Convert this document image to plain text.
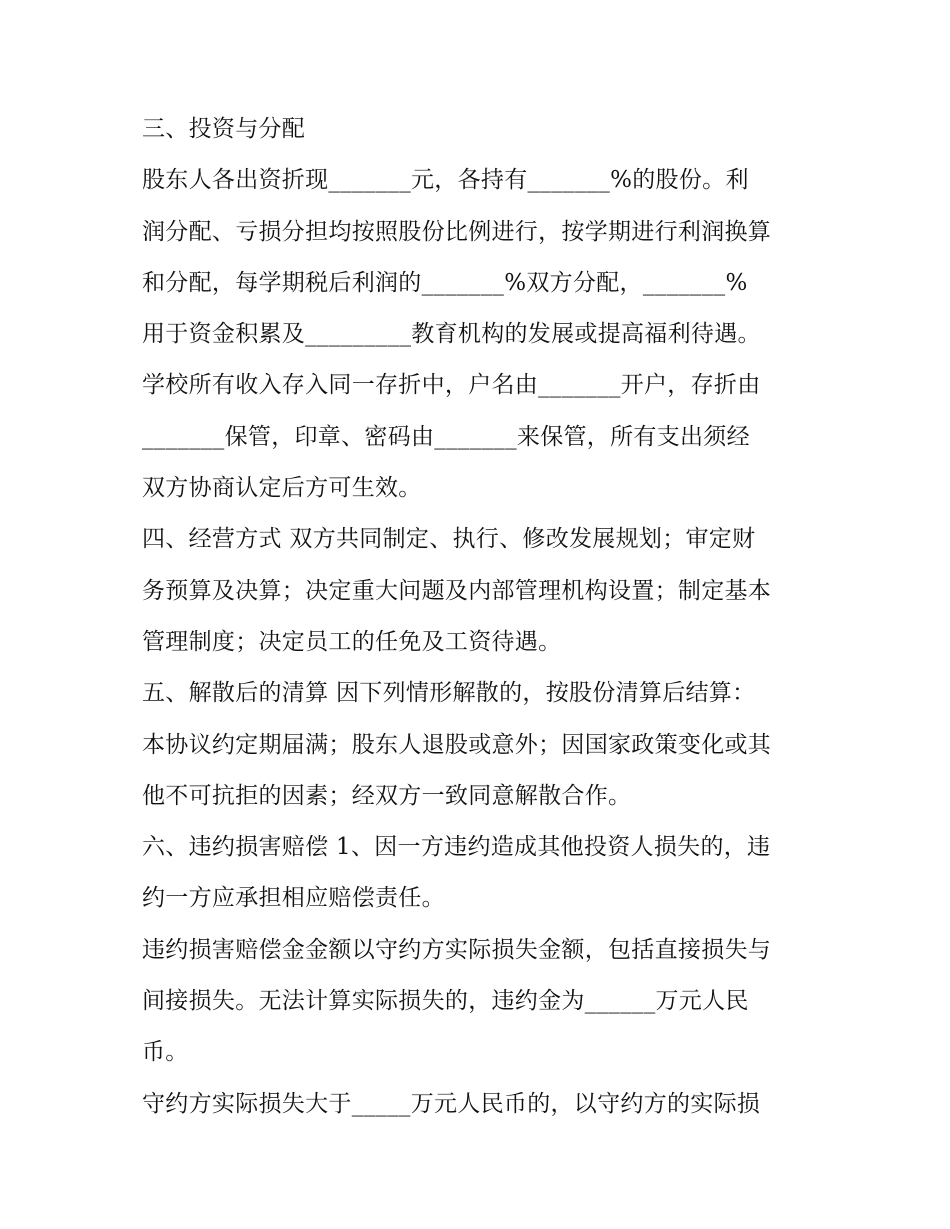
三、投资与分配
股东人各出资折现_______元，各持有_______%的股份。利
润分配、亏损分担均按照股份比例进行，按学期进行利润换算
和分配，每学期税后利润的_______%双方分配，_______%
用于资金积累及_________教育机构的发展或提高福利待遇。
学校所有收入存入同一存折中，户名由_______开户，存折由
_______保管，印章、密码由_______来保管，所有支出须经
双方协商认定后方可生效。
四、经营方式 双方共同制定、执行、修改发展规划；审定财
务预算及决算；决定重大问题及内部管理机构设置；制定基本
管理制度；决定员工的任免及工资待遇。
五、解散后的清算 因下列情形解散的，按股份清算后结算：
本协议约定期届满；股东人退股或意外；因国家政策变化或其
他不可抗拒的因素；经双方一致同意解散合作。
六、违约损害赔偿 1、因一方违约造成其他投资人损失的，违
约一方应承担相应赔偿责任。
违约损害赔偿金金额以守约方实际损失金额，包括直接损失与
间接损失。无法计算实际损失的，违约金为______万元人民
币。
守约方实际损失大于_____万元人民币的，以守约方的实际损
